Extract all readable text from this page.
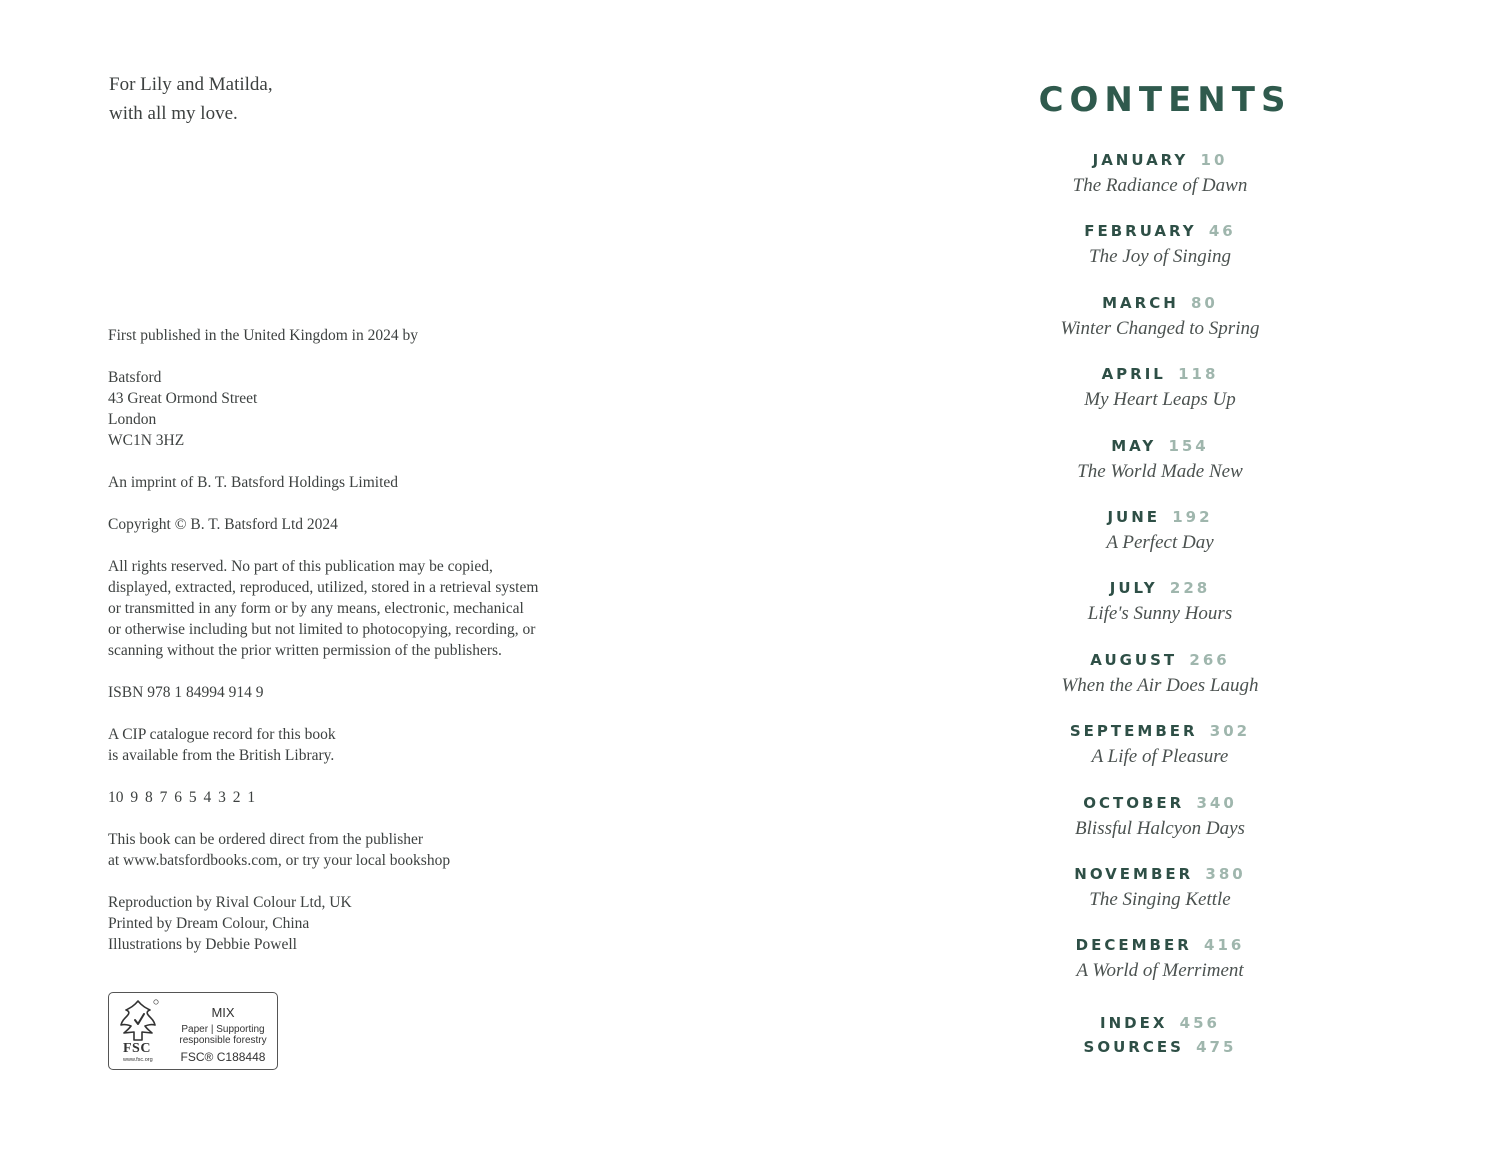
For Lily and Matilda,
with all my love.
First published in the United Kingdom in 2024 by
Batsford
43 Great Ormond Street
London
WC1N 3HZ
An imprint of B. T. Batsford Holdings Limited
Copyright © B. T. Batsford Ltd 2024
All rights reserved. No part of this publication may be copied,
displayed, extracted, reproduced, utilized, stored in a retrieval system
or transmitted in any form or by any means, electronic, mechanical
or otherwise including but not limited to photocopying, recording, or
scanning without the prior written permission of the publishers.
ISBN 978 1 84994 914 9
A CIP catalogue record for this book
is available from the British Library.
10 9 8 7 6 5 4 3 2 1
This book can be ordered direct from the publisher
at www.batsfordbooks.com, or try your local bookshop
Reproduction by Rival Colour Ltd, UK
Printed by Dream Colour, China
Illustrations by Debbie Powell
FSC
www.fsc.org
MIX
Paper | Supporting
responsible forestry
FSC® C188448
CONTENTS
JANUARY 10
The Radiance of Dawn
FEBRUARY 46
The Joy of Singing
MARCH 80
Winter Changed to Spring
APRIL 118
My Heart Leaps Up
MAY 154
The World Made New
JUNE 192
A Perfect Day
JULY 228
Life's Sunny Hours
AUGUST 266
When the Air Does Laugh
SEPTEMBER 302
A Life of Pleasure
OCTOBER 340
Blissful Halcyon Days
NOVEMBER 380
The Singing Kettle
DECEMBER 416
A World of Merriment
INDEX 456
SOURCES 475
